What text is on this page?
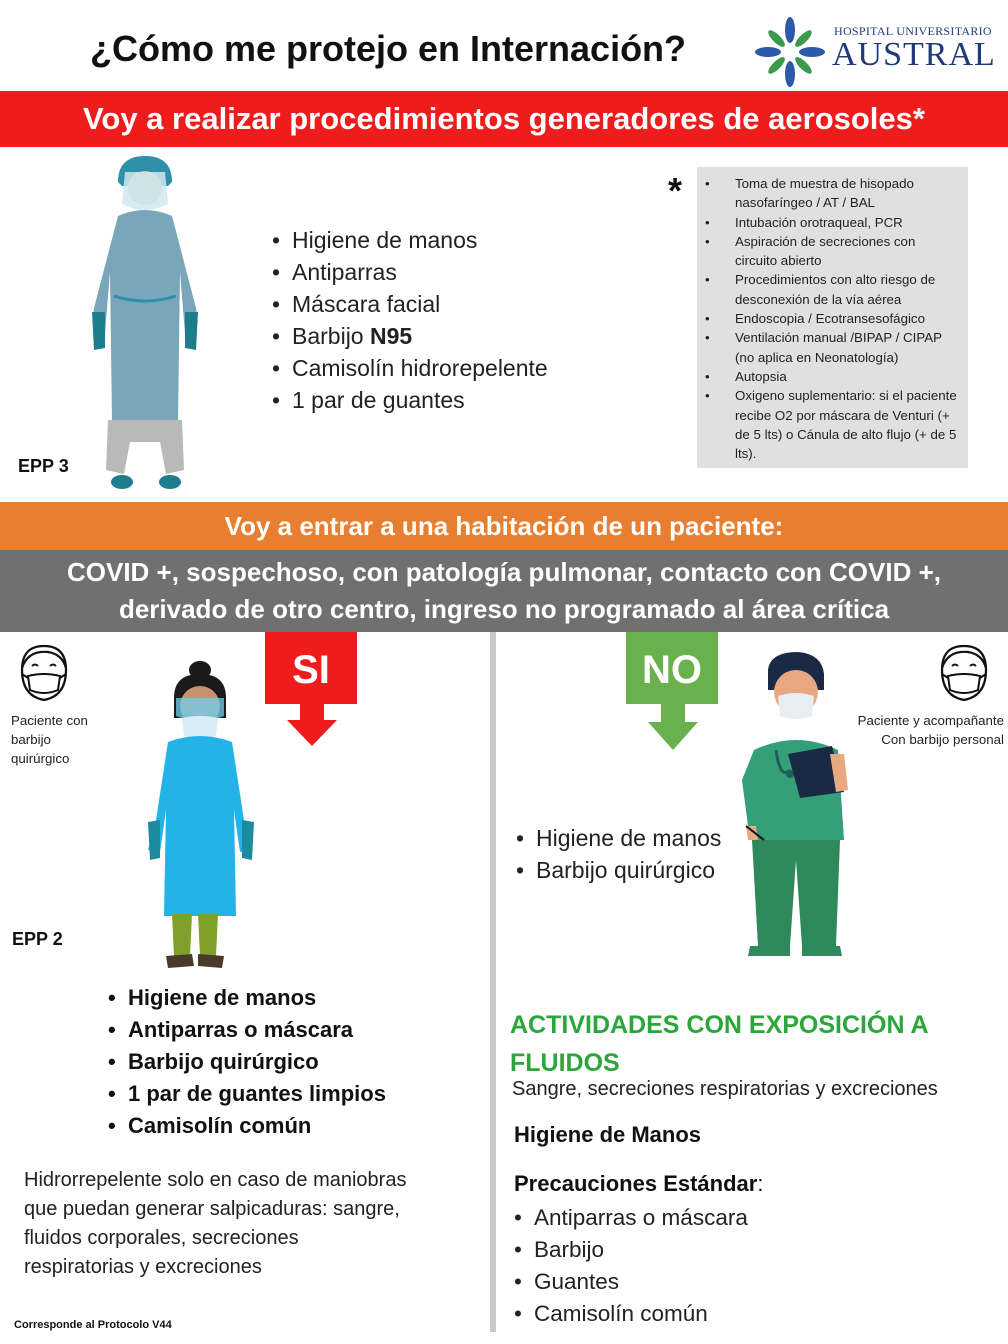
¿Cómo me protejo en Internación?	HOSPITAL UNIVERSITARIO
AUSTRAL
Voy a realizar procedimientos generadores de aerosoles*
• Higiene de manos
• Antiparras
• Máscara facial
• Barbijo N95
• Camisolín hidrorepelente
• 1 par de guantes
*
•	Toma de muestra de hisopado nasofaríngeo / AT / BAL
• Intubación orotraqueal, PCR
• Aspiración de secreciones con circuito abierto
• Procedimientos con alto riesgo de desconexión de la vía aérea
• Endoscopia / Ecotransesofágico
• Ventilación manual /BIPAP / CIPAP (no aplica en Neonatología)
• Autopsia
• Oxigeno suplementario: si el paciente recibe O2 por máscara de Venturi (+ de 5 lts) o Cánula de alto flujo (+ de 5 lts).
EPP 3
Voy a entrar a una habitación de un paciente:
COVID +, sospechoso, con patología pulmonar, contacto con COVID +,
derivado de otro centro, ingreso no programado al área crítica
Paciente con
barbijo
quirúrgico
SI
EPP 2
• Higiene de manos
• Antiparras o máscara
• Barbijo quirúrgico
• 1 par de guantes limpios
• Camisolín común
Hidrorrepelente solo en caso de maniobras
que puedan generar salpicaduras: sangre,
fluidos corporales, secreciones
respiratorias y excreciones
NO
Paciente y acompañante
Con barbijo personal
• Higiene de manos
• Barbijo quirúrgico
ACTIVIDADES CON EXPOSICIÓN A FLUIDOS
Sangre, secreciones respiratorias y excreciones
Higiene de Manos
Precauciones Estándar:
• Antiparras o máscara
• Barbijo
• Guantes
• Camisolín común
Corresponde al Protocolo V44
